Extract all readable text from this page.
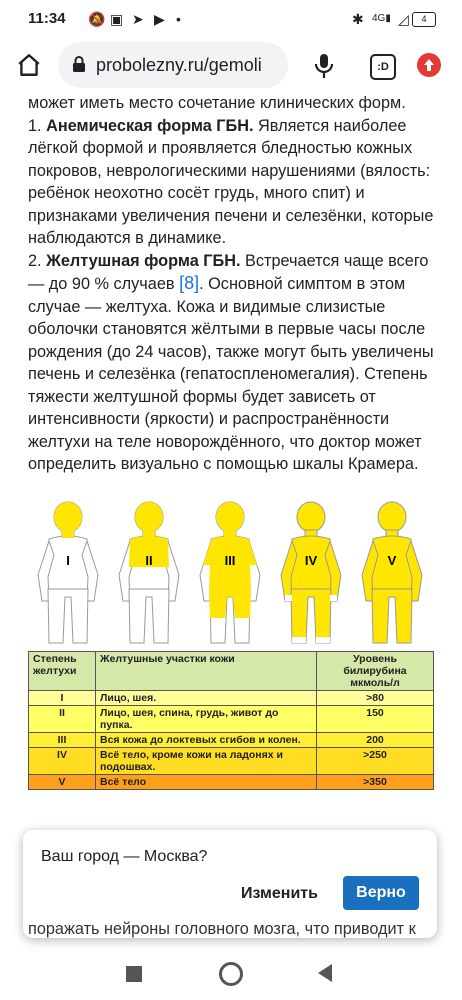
11:34 🔕 ▣ ➤ ▶ •	✱ 4G▮ ◿	4
probolezny.ru/gemoli	:D

может иметь место сочетание клинических форм.

1. Анемическая форма ГБН. Является наиболее лёгкой формой и проявляется бледностью кожных покровов, неврологическими нарушениями (вялость: ребёнок неохотно сосёт грудь, много спит) и признаками увеличения печени и селезёнки, которые наблюдаются в динамике.

2. Желтушная форма ГБН. Встречается чаще всего — до 90 % случаев [8]. Основной симптом в этом случае — желтуха. Кожа и видимые слизистые оболочки становятся жёлтыми в первые часы после рождения (до 24 часов), также могут быть увеличены печень и селезёнка (гепатоспленомегалия). Степень тяжести желтушной формы будет зависеть от интенсивности (яркости) и распространённости желтухи на теле новорождённого, что доктор может определить визуально с помощью шкалы Крамера.

I	II	III	IV	V
Степень желтухи	Желтушные участки кожи	Уровень билирубина мкмоль/л
I	Лицо, шея.	>80
II	Лицо, шея, спина, грудь, живот до пупка.	150
III	Вся кожа до локтевых сгибов и колен.	200
IV	Всё тело, кроме кожи на ладонях и подошвах.	>250
V	Всё тело	>350
Ваш город — Москва?
Изменить	Верно
поражать нейроны головного мозга, что приводит к
